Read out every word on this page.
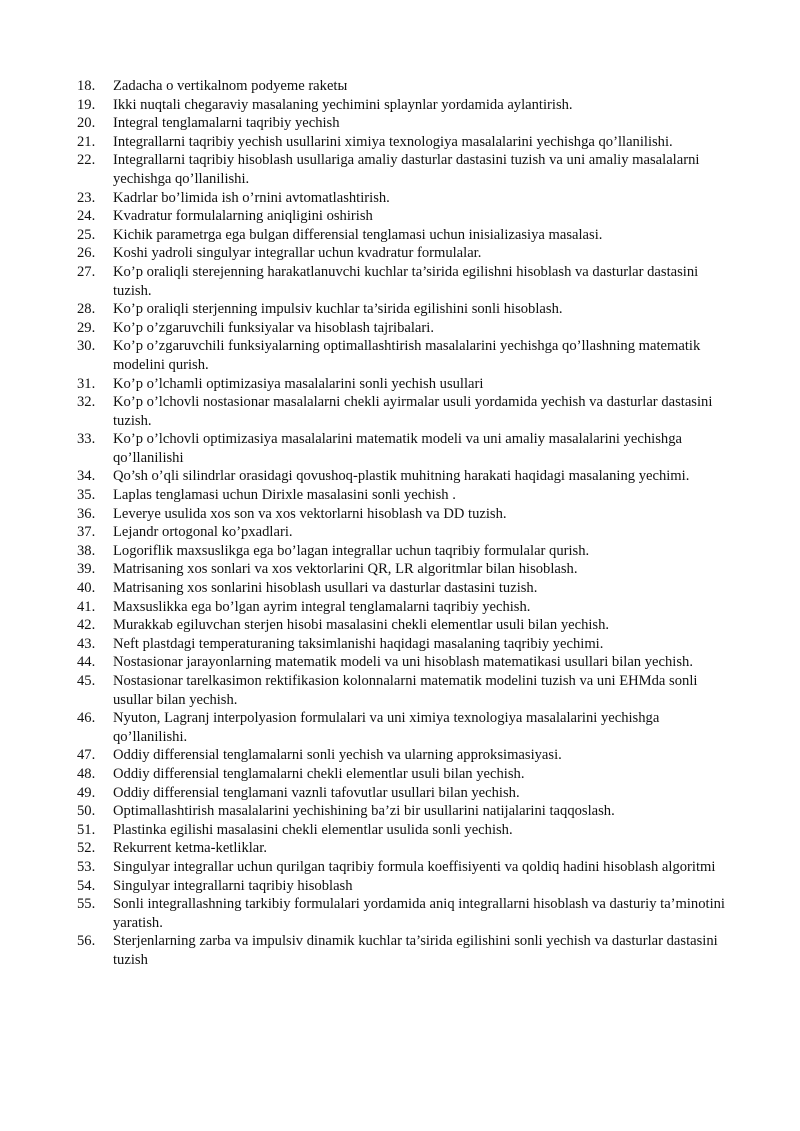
18.	Zadacha o vertikalnom podyeme raketы
19.	Ikki nuqtali chegaraviy masalaning yechimini splaynlar yordamida aylantirish.
20.	Integral tenglamalarni taqribiy yechish
21.	Integrallarni taqribiy yechish usullarini ximiya texnologiya masalalarini yechishga qo’llanilishi.
22.	Integrallarni taqribiy hisoblash usullariga amaliy dasturlar dastasini tuzish va uni amaliy masalalarni yechishga qo’llanilishi.
23.	Kadrlar bo’limida ish o’rnini avtomatlashtirish.
24.	Kvadratur formulalarning aniqligini oshirish
25.	Kichik parametrga ega bulgan differensial tenglamasi uchun inisializasiya masalasi.
26.	Koshi yadroli singulyar integrallar uchun kvadratur formulalar.
27.	Ko’p oraliqli sterejenning harakatlanuvchi kuchlar ta’sirida egilishni hisoblash va dasturlar dastasini tuzish.
28.	Ko’p oraliqli sterjenning impulsiv kuchlar ta’sirida egilishini sonli hisoblash.
29.	Ko’p o’zgaruvchili funksiyalar va hisoblash tajribalari.
30.	Ko’p o’zgaruvchili funksiyalarning optimallashtirish masalalarini yechishga qo’llashning matematik modelini qurish.
31.	Ko’p o’lchamli optimizasiya masalalarini sonli yechish usullari
32.	Ko’p o’lchovli nostasionar masalalarni chekli ayirmalar usuli yordamida yechish va dasturlar dastasini tuzish.
33.	Ko’p o’lchovli optimizasiya masalalarini matematik modeli va uni amaliy masalalarini yechishga qo’llanilishi
34.	Qo’sh o’qli silindrlar orasidagi qovushoq-plastik muhitning harakati haqidagi masalaning yechimi.
35.	Laplas tenglamasi uchun Dirixle masalasini sonli yechish .
36.	Leverye usulida xos son va xos vektorlarni hisoblash va DD tuzish.
37.	Lejandr ortogonal ko’pxadlari.
38.	Logoriflik maxsuslikga ega bo’lagan integrallar uchun taqribiy formulalar qurish.
39.	Matrisaning xos sonlari va xos vektorlarini QR, LR algoritmlar bilan hisoblash.
40.	Matrisaning xos sonlarini hisoblash usullari va dasturlar dastasini tuzish.
41.	Maxsuslikka ega bo’lgan ayrim integral tenglamalarni taqribiy yechish.
42.	Murakkab egiluvchan sterjen hisobi masalasini chekli elementlar usuli bilan yechish.
43.	Neft plastdagi temperaturaning taksimlanishi haqidagi masalaning taqribiy yechimi.
44.	Nostasionar jarayonlarning matematik modeli va uni hisoblash matematikasi usullari bilan yechish.
45.	Nostasionar tarelkasimon rektifikasion kolonnalarni matematik modelini tuzish va uni EHMda sonli usullar bilan yechish.
46.	Nyuton, Lagranj interpolyasion formulalari va uni ximiya texnologiya masalalarini yechishga qo’llanilishi.
47.	Oddiy differensial tenglamalarni sonli yechish va ularning approksimasiyasi.
48.	Oddiy differensial tenglamalarni chekli elementlar usuli bilan yechish.
49.	Oddiy differensial tenglamani vaznli tafovutlar usullari bilan yechish.
50.	Optimallashtirish masalalarini yechishining ba’zi bir usullarini natijalarini taqqoslash.
51.	Plastinka egilishi masalasini chekli elementlar usulida sonli yechish.
52.	Rekurrent ketma-ketliklar.
53.	Singulyar integrallar uchun qurilgan taqribiy formula koeffisiyenti va qoldiq hadini hisoblash algoritmi
54.	Singulyar integrallarni taqribiy hisoblash
55.	Sonli integrallashning tarkibiy formulalari yordamida aniq integrallarni hisoblash va dasturiy ta’minotini yaratish.
56.	Sterjenlarning zarba va impulsiv dinamik kuchlar ta’sirida egilishini sonli yechish va dasturlar dastasini tuzish
